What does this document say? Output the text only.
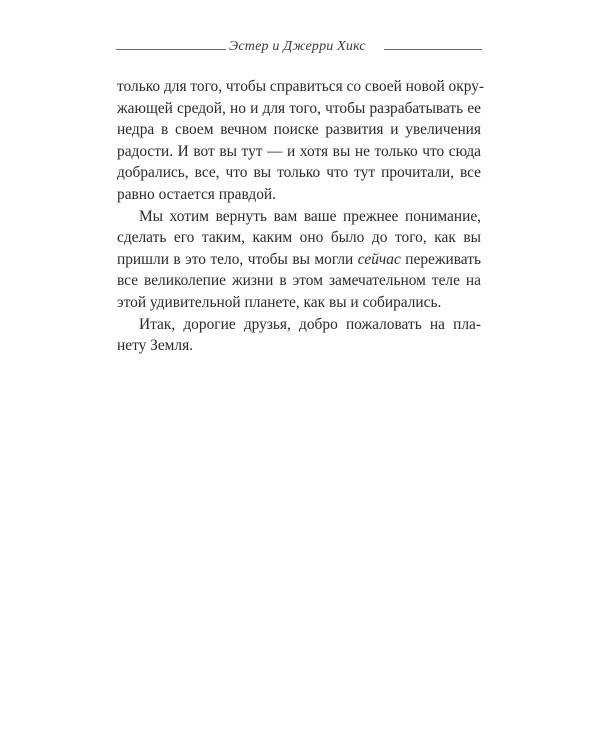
Эстер и Джерри Хикс
только для того, чтобы справиться со своей новой окру-
жающей средой, но и для того, чтобы разрабатывать ее
недра в своем вечном поиске развития и увеличения
радости. И вот вы тут — и хотя вы не только что сюда
добрались, все, что вы только что тут прочитали, все
равно остается правдой.
Мы хотим вернуть вам ваше прежнее понимание,
сделать его таким, каким оно было до того, как вы
пришли в это тело, чтобы вы могли сейчас переживать
все великолепие жизни в этом замечательном теле на
этой удивительной планете, как вы и собирались.
Итак, дорогие друзья, добро пожаловать на пла-
нету Земля.
